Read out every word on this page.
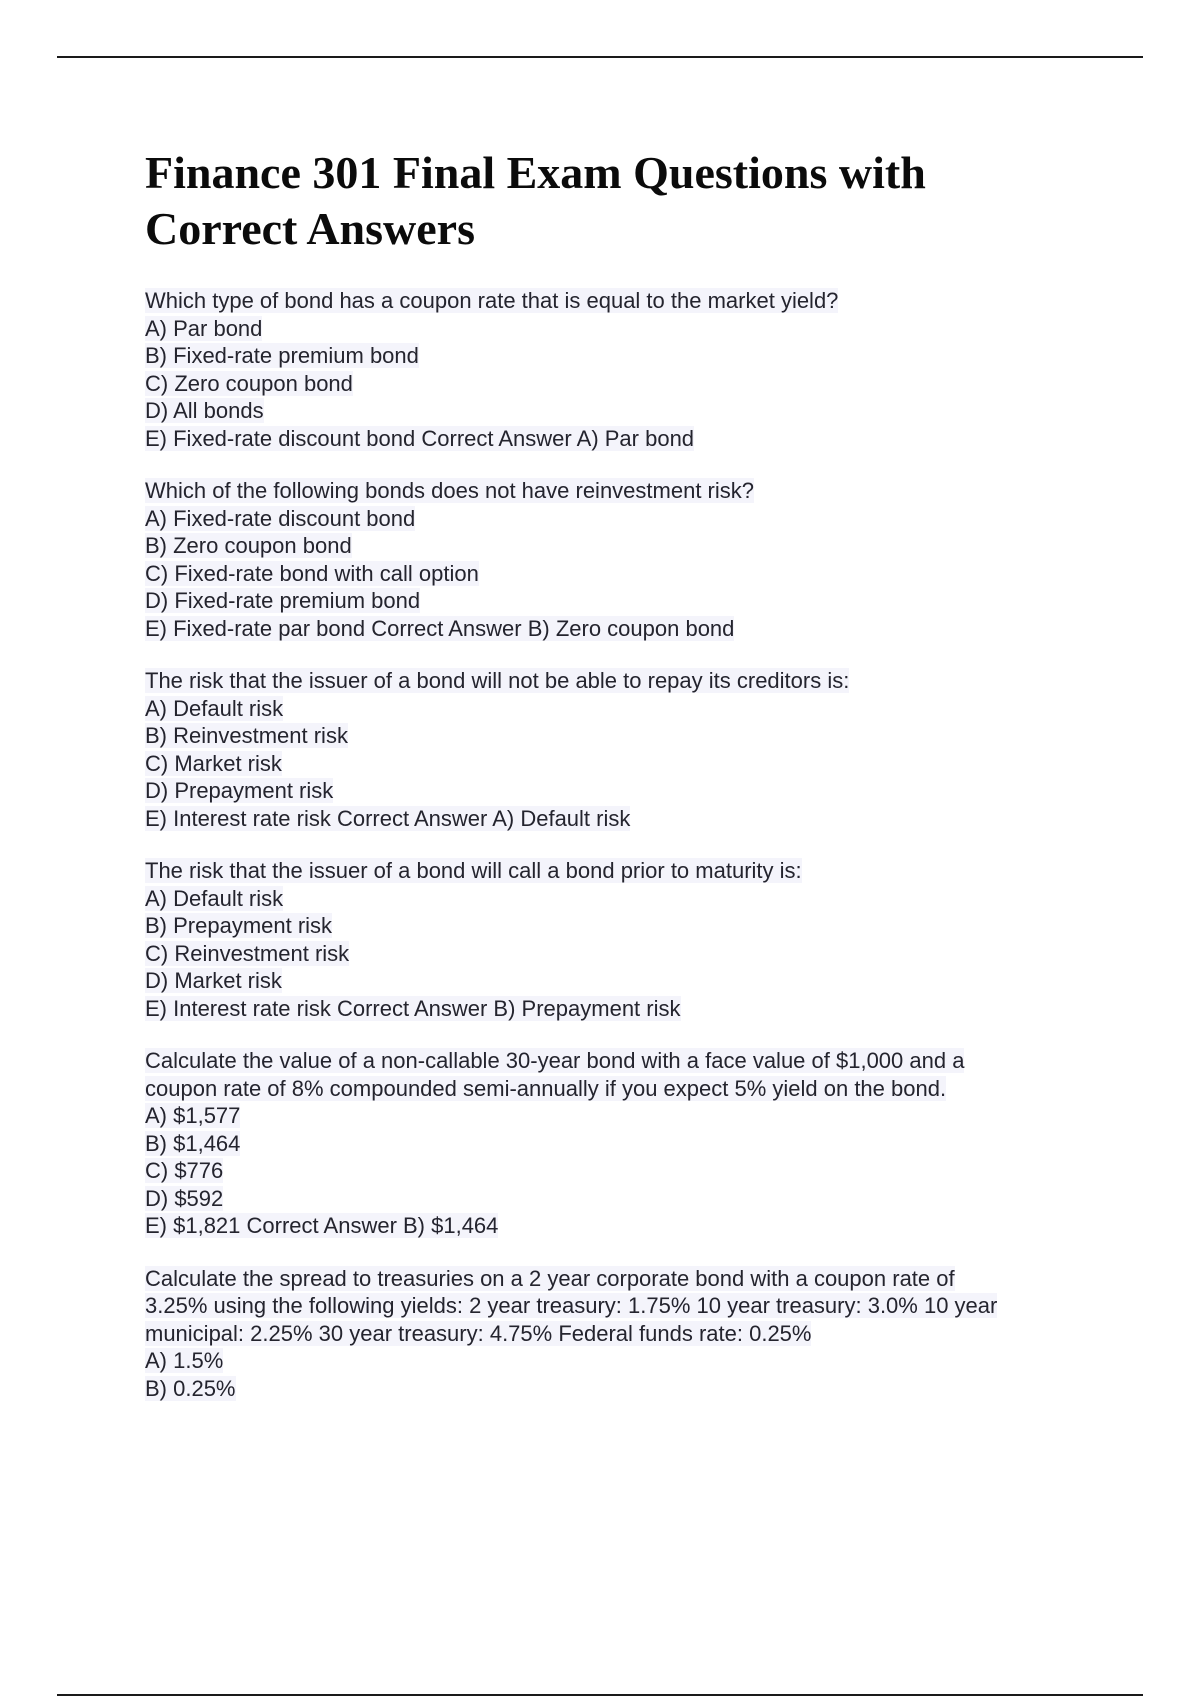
Finance 301 Final Exam Questions with Correct Answers
Which type of bond has a coupon rate that is equal to the market yield?
A) Par bond
B) Fixed-rate premium bond
C) Zero coupon bond
D) All bonds
E) Fixed-rate discount bond Correct Answer A) Par bond
Which of the following bonds does not have reinvestment risk?
A) Fixed-rate discount bond
B) Zero coupon bond
C) Fixed-rate bond with call option
D) Fixed-rate premium bond
E) Fixed-rate par bond Correct Answer B) Zero coupon bond
The risk that the issuer of a bond will not be able to repay its creditors is:
A) Default risk
B) Reinvestment risk
C) Market risk
D) Prepayment risk
E) Interest rate risk Correct Answer A) Default risk
The risk that the issuer of a bond will call a bond prior to maturity is:
A) Default risk
B) Prepayment risk
C) Reinvestment risk
D) Market risk
E) Interest rate risk Correct Answer B) Prepayment risk
Calculate the value of a non-callable 30-year bond with a face value of $1,000 and a
coupon rate of 8% compounded semi-annually if you expect 5% yield on the bond.
A) $1,577
B) $1,464
C) $776
D) $592
E) $1,821 Correct Answer B) $1,464
Calculate the spread to treasuries on a 2 year corporate bond with a coupon rate of
3.25% using the following yields: 2 year treasury: 1.75% 10 year treasury: 3.0% 10 year
municipal: 2.25% 30 year treasury: 4.75% Federal funds rate: 0.25%
A) 1.5%
B) 0.25%
